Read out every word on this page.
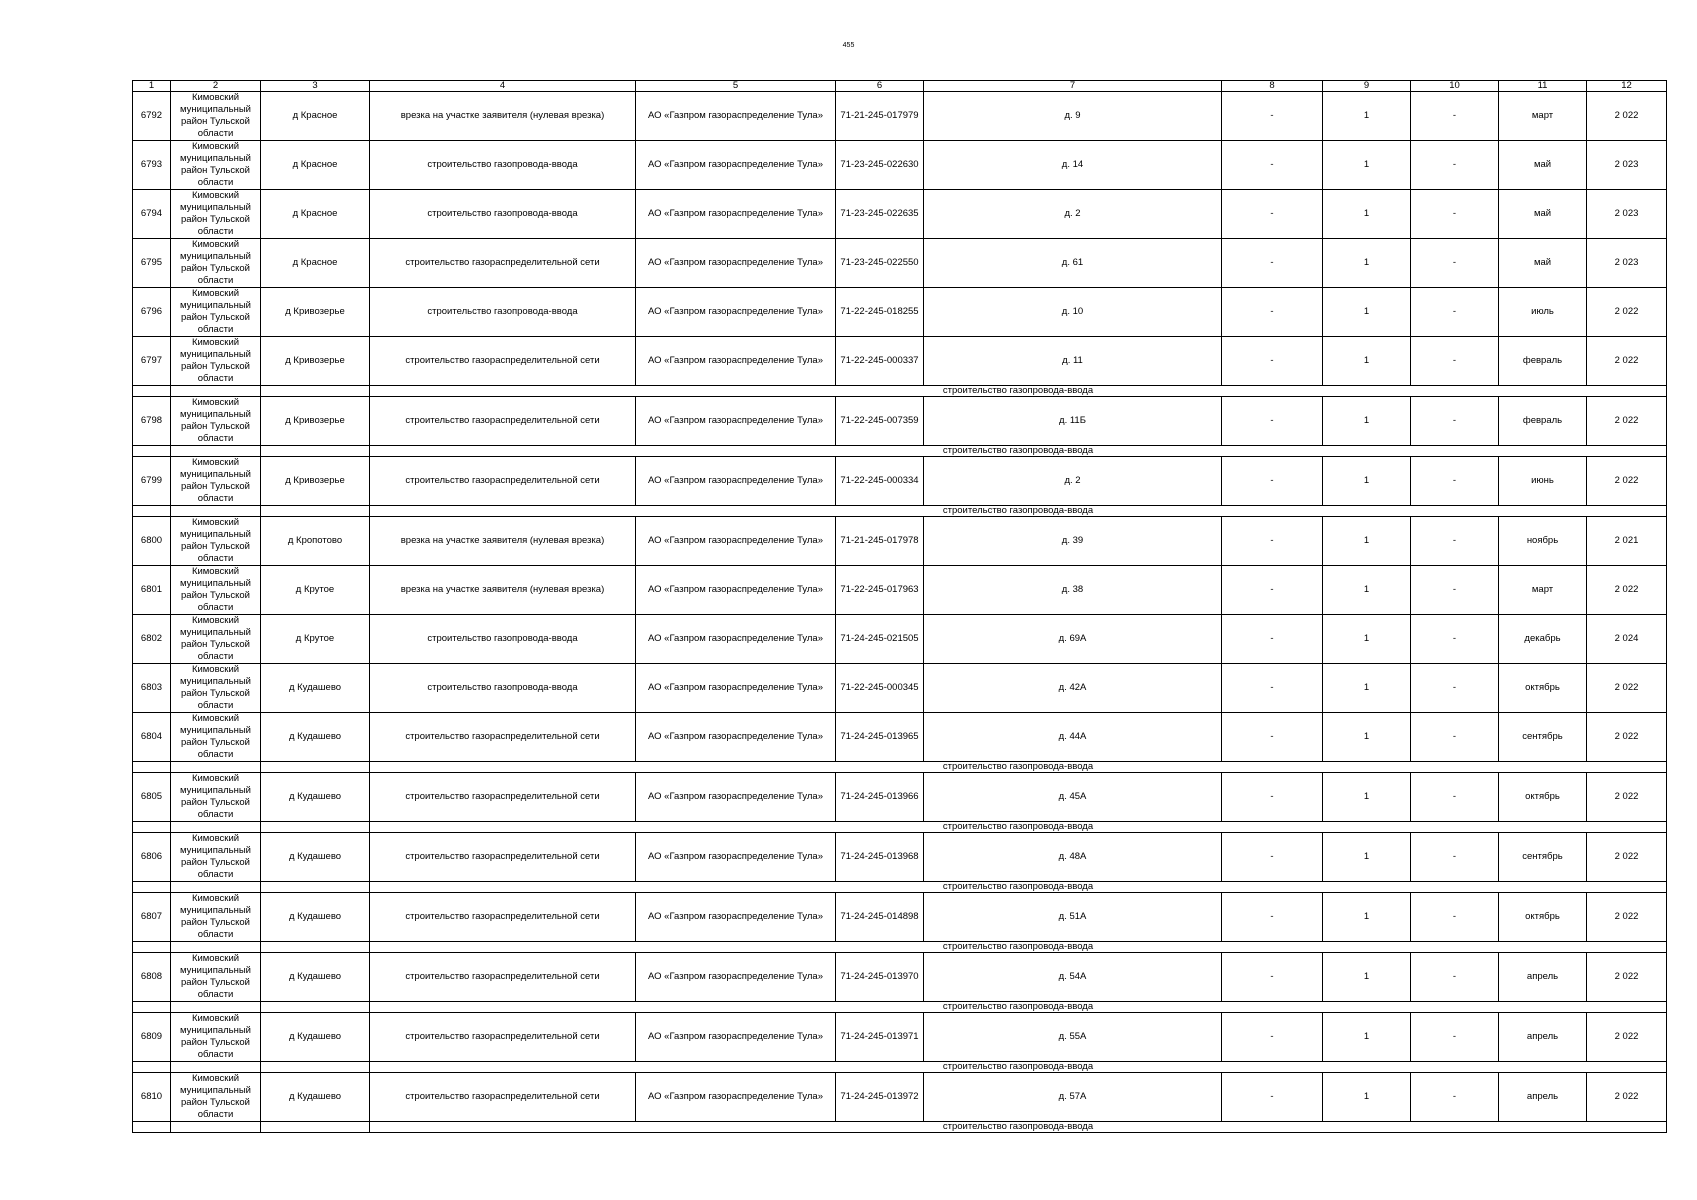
455
1	2	3	4	5	6	7	8	9	10	11	12
6792	Кимовский муниципальный район Тульской области	д Красное	врезка на участке заявителя (нулевая врезка)	АО «Газпром газораспределение Тула»	71-21-245-017979	д. 9	-	1	-	март	2 022
6793	Кимовский муниципальный район Тульской области	д Красное	строительство газопровода-ввода	АО «Газпром газораспределение Тула»	71-23-245-022630	д. 14	-	1	-	май	2 023
6794	Кимовский муниципальный район Тульской области	д Красное	строительство газопровода-ввода	АО «Газпром газораспределение Тула»	71-23-245-022635	д. 2	-	1	-	май	2 023
6795	Кимовский муниципальный район Тульской области	д Красное	строительство газораспределительной сети	АО «Газпром газораспределение Тула»	71-23-245-022550	д. 61	-	1	-	май	2 023
6796	Кимовский муниципальный район Тульской области	д Кривозерье	строительство газопровода-ввода	АО «Газпром газораспределение Тула»	71-22-245-018255	д. 10	-	1	-	июль	2 022
6797	Кимовский муниципальный район Тульской области	д Кривозерье	строительство газораспределительной сети	АО «Газпром газораспределение Тула»	71-22-245-000337	д. 11	-	1	-	февраль	2 022
			строительство газопровода-ввода								
6798	Кимовский муниципальный район Тульской области	д Кривозерье	строительство газораспределительной сети	АО «Газпром газораспределение Тула»	71-22-245-007359	д. 11Б	-	1	-	февраль	2 022
			строительство газопровода-ввода								
6799	Кимовский муниципальный район Тульской области	д Кривозерье	строительство газораспределительной сети	АО «Газпром газораспределение Тула»	71-22-245-000334	д. 2	-	1	-	июнь	2 022
			строительство газопровода-ввода								
6800	Кимовский муниципальный район Тульской области	д Кропотово	врезка на участке заявителя (нулевая врезка)	АО «Газпром газораспределение Тула»	71-21-245-017978	д. 39	-	1	-	ноябрь	2 021
6801	Кимовский муниципальный район Тульской области	д Крутое	врезка на участке заявителя (нулевая врезка)	АО «Газпром газораспределение Тула»	71-22-245-017963	д. 38	-	1	-	март	2 022
6802	Кимовский муниципальный район Тульской области	д Крутое	строительство газопровода-ввода	АО «Газпром газораспределение Тула»	71-24-245-021505	д. 69А	-	1	-	декабрь	2 024
6803	Кимовский муниципальный район Тульской области	д Кудашево	строительство газопровода-ввода	АО «Газпром газораспределение Тула»	71-22-245-000345	д. 42А	-	1	-	октябрь	2 022
6804	Кимовский муниципальный район Тульской области	д Кудашево	строительство газораспределительной сети	АО «Газпром газораспределение Тула»	71-24-245-013965	д. 44А	-	1	-	сентябрь	2 022
			строительство газопровода-ввода								
6805	Кимовский муниципальный район Тульской области	д Кудашево	строительство газораспределительной сети	АО «Газпром газораспределение Тула»	71-24-245-013966	д. 45А	-	1	-	октябрь	2 022
			строительство газопровода-ввода								
6806	Кимовский муниципальный район Тульской области	д Кудашево	строительство газораспределительной сети	АО «Газпром газораспределение Тула»	71-24-245-013968	д. 48А	-	1	-	сентябрь	2 022
			строительство газопровода-ввода								
6807	Кимовский муниципальный район Тульской области	д Кудашево	строительство газораспределительной сети	АО «Газпром газораспределение Тула»	71-24-245-014898	д. 51А	-	1	-	октябрь	2 022
			строительство газопровода-ввода								
6808	Кимовский муниципальный район Тульской области	д Кудашево	строительство газораспределительной сети	АО «Газпром газораспределение Тула»	71-24-245-013970	д. 54А	-	1	-	апрель	2 022
			строительство газопровода-ввода								
6809	Кимовский муниципальный район Тульской области	д Кудашево	строительство газораспределительной сети	АО «Газпром газораспределение Тула»	71-24-245-013971	д. 55А	-	1	-	апрель	2 022
			строительство газопровода-ввода								
6810	Кимовский муниципальный район Тульской области	д Кудашево	строительство газораспределительной сети	АО «Газпром газораспределение Тула»	71-24-245-013972	д. 57А	-	1	-	апрель	2 022
			строительство газопровода-ввода								
